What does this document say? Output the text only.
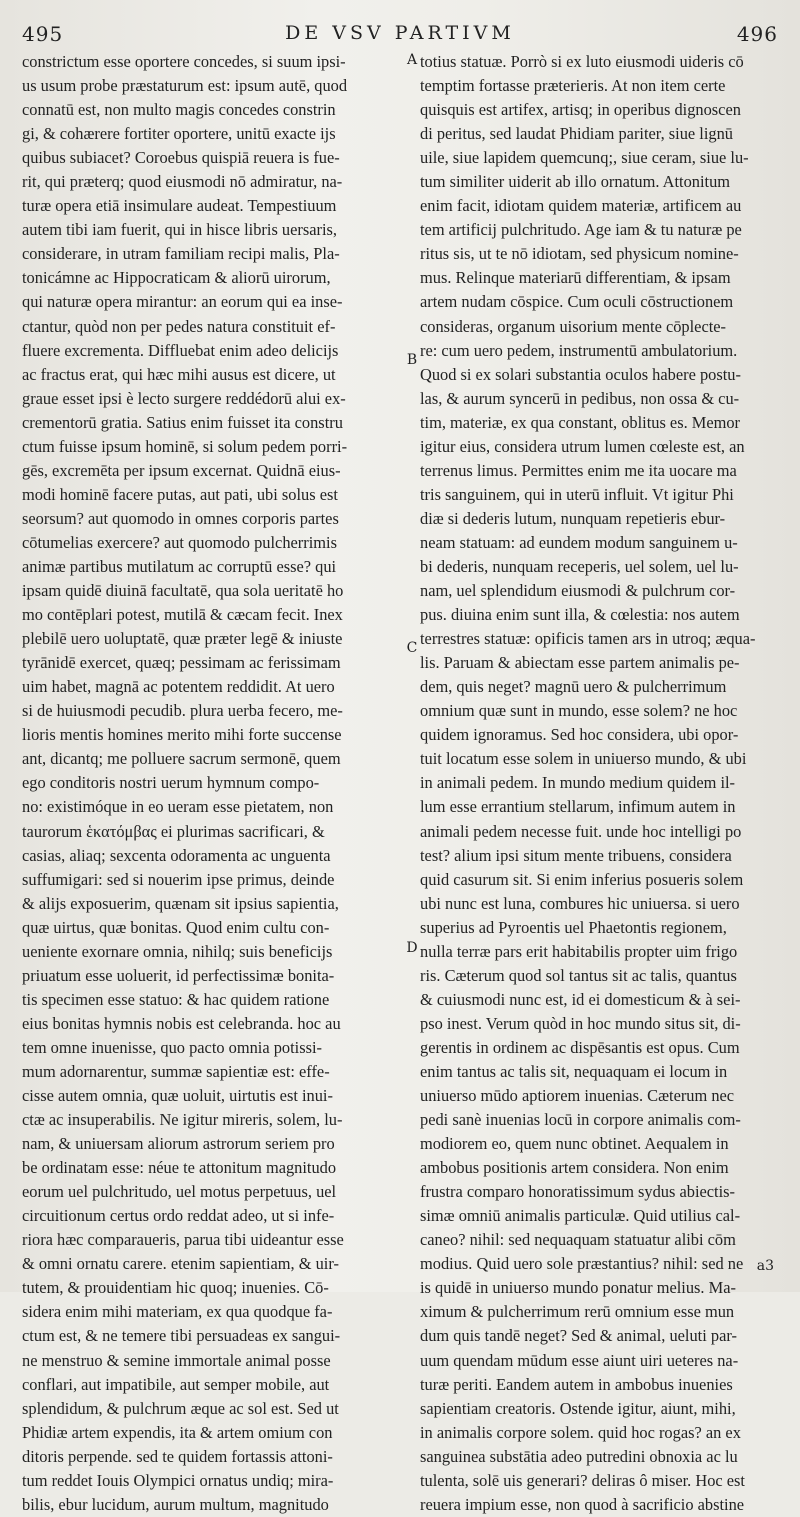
495	DE VSV PARTIVM	496
constrictum esse oportere concedes, si suum ipsi-
us usum probe præstaturum est: ipsum autē, quod
connatū est, non multo magis concedes constrin
gi, & cohærere fortiter oportere, unitū exacte ijs
quibus subiacet? Coroebus quispiā reuera is fue-
rit, qui præterq; quod eiusmodi nō admiratur, na-
turæ opera etiā insimulare audeat. Tempestiuum
autem tibi iam fuerit, qui in hisce libris uersaris,
considerare, in utram familiam recipi malis, Pla-
tonicámne ac Hippocraticam & aliorū uirorum,
qui naturæ opera mirantur: an eorum qui ea inse-
ctantur, quòd non per pedes natura constituit ef-
fluere excrementa. Diffluebat enim adeo delicijs
ac fractus erat, qui hæc mihi ausus est dicere, ut
graue esset ipsi è lecto surgere reddédorū alui ex-
crementorū gratia. Satius enim fuisset ita constru
ctum fuisse ipsum hominē, si solum pedem porri-
gēs, excremēta per ipsum excernat. Quidnā eius-
modi hominē facere putas, aut pati, ubi solus est
seorsum? aut quomodo in omnes corporis partes
cōtumelias exercere? aut quomodo pulcherrimis
animæ partibus mutilatum ac corruptū esse? qui
ipsam quidē diuinā facultatē, qua sola ueritatē ho
mo contēplari potest, mutilā & cæcam fecit. Inex
plebilē uero uoluptatē, quæ præter legē & iniuste
tyrānidē exercet, quæq; pessimam ac ferissimam
uim habet, magnā ac potentem reddidit. At uero
si de huiusmodi pecudib. plura uerba fecero, me-
lioris mentis homines merito mihi forte succense
ant, dicantq; me polluere sacrum sermonē, quem
ego conditoris nostri uerum hymnum compo-
no: existimóque in eo ueram esse pietatem, non
taurorum ἑκατόμβας ei plurimas sacrificari, &
casias, aliaq; sexcenta odoramenta ac unguenta
suffumigari: sed si nouerim ipse primus, deinde
& alijs exposuerim, quænam sit ipsius sapientia,
quæ uirtus, quæ bonitas. Quod enim cultu con-
ueniente exornare omnia, nihilq; suis beneficijs
priuatum esse uoluerit, id perfectissimæ bonita-
tis specimen esse statuo: & hac quidem ratione
eius bonitas hymnis nobis est celebranda. hoc au
tem omne inuenisse, quo pacto omnia potissi-
mum adornarentur, summæ sapientiæ est: effe-
cisse autem omnia, quæ uoluit, uirtutis est inui-
ctæ ac insuperabilis. Ne igitur mireris, solem, lu-
nam, & uniuersam aliorum astrorum seriem pro
be ordinatam esse: néue te attonitum magnitudo
eorum uel pulchritudo, uel motus perpetuus, uel
circuitionum certus ordo reddat adeo, ut si infe-
riora hæc comparaueris, parua tibi uideantur esse
& omni ornatu carere. etenim sapientiam, & uir-
tutem, & prouidentiam hic quoq; inuenies. Cō-
sidera enim mihi materiam, ex qua quodque fa-
ctum est, & ne temere tibi persuadeas ex sangui-
ne menstruo & semine immortale animal posse
conflari, aut impatibile, aut semper mobile, aut
splendidum, & pulchrum æque ac sol est. Sed ut
Phidiæ artem expendis, ita & artem omium con
ditoris perpende. sed te quidem fortassis attoni-
tum reddet Iouis Olympici ornatus undiq; mira-
bilis, ebur lucidum, aurum multum, magnitudo
A
B
C
D
totius statuæ. Porrò si ex luto eiusmodi uideris cō
temptim fortasse præterieris. At non item certe
quisquis est artifex, artisq; in operibus dignoscen
di peritus, sed laudat Phidiam pariter, siue lignū
uile, siue lapidem quemcunq;, siue ceram, siue lu-
tum similiter uiderit ab illo ornatum. Attonitum
enim facit, idiotam quidem materiæ, artificem au
tem artificij pulchritudo. Age iam & tu naturæ pe
ritus sis, ut te nō idiotam, sed physicum nomine-
mus. Relinque materiarū differentiam, & ipsam
artem nudam cōspice. Cum oculi cōstructionem
consideras, organum uisorium mente cōplecte-
re: cum uero pedem, instrumentū ambulatorium.
Quod si ex solari substantia oculos habere postu-
las, & aurum syncerū in pedibus, non ossa & cu-
tim, materiæ, ex qua constant, oblitus es. Memor
igitur eius, considera utrum lumen cœleste est, an
terrenus limus. Permittes enim me ita uocare ma
tris sanguinem, qui in uterū influit. Vt igitur Phi
diæ si dederis lutum, nunquam repetieris ebur-
neam statuam: ad eundem modum sanguinem u-
bi dederis, nunquam receperis, uel solem, uel lu-
nam, uel splendidum eiusmodi & pulchrum cor-
pus. diuina enim sunt illa, & cœlestia: nos autem
terrestres statuæ: opificis tamen ars in utroq; æqua-
lis. Paruam & abiectam esse partem animalis pe-
dem, quis neget? magnū uero & pulcherrimum
omnium quæ sunt in mundo, esse solem? ne hoc
quidem ignoramus. Sed hoc considera, ubi opor-
tuit locatum esse solem in uniuerso mundo, & ubi
in animali pedem. In mundo medium quidem il-
lum esse errantium stellarum, infimum autem in
animali pedem necesse fuit. unde hoc intelligi po
test? alium ipsi situm mente tribuens, considera
quid casurum sit. Si enim inferius posueris solem
ubi nunc est luna, combures hic uniuersa. si uero
superius ad Pyroentis uel Phaetontis regionem,
nulla terræ pars erit habitabilis propter uim frigo
ris. Cæterum quod sol tantus sit ac talis, quantus
& cuiusmodi nunc est, id ei domesticum & à sei-
pso inest. Verum quòd in hoc mundo situs sit, di-
gerentis in ordinem ac dispēsantis est opus. Cum
enim tantus ac talis sit, nequaquam ei locum in
uniuerso mūdo aptiorem inuenias. Cæterum nec
pedi sanè inuenias locū in corpore animalis com-
modiorem eo, quem nunc obtinet. Aequalem in
ambobus positionis artem considera. Non enim
frustra comparo honoratissimum sydus abiectis-
simæ omniū animalis particulæ. Quid utilius cal-
caneo? nihil: sed nequaquam statuatur alibi cōm
modius. Quid uero sole præstantius? nihil: sed ne
is quidē in uniuerso mundo ponatur melius. Ma-
ximum & pulcherrimum rerū omnium esse mun
dum quis tandē neget? Sed & animal, ueluti par-
uum quendam mūdum esse aiunt uiri ueteres na-
turæ periti. Eandem autem in ambobus inuenies
sapientiam creatoris. Ostende igitur, aiunt, mihi,
in animalis corpore solem. quid hoc rogas? an ex
sanguinea substātia adeo putredini obnoxia ac lu
tulenta, solē uis generari? deliras ô miser. Hoc est
reuera impium esse, non quod à sacrificio abstine
a3
